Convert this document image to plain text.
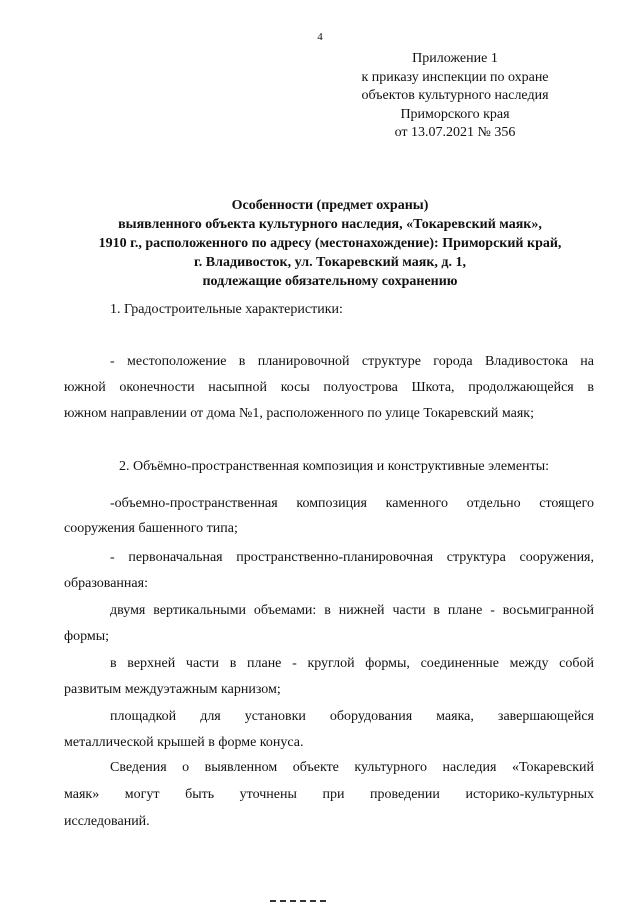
4
Приложение 1
к приказу инспекции по охране
объектов культурного наследия
Приморского края
от 13.07.2021 № 356
Особенности (предмет охраны)
выявленного объекта культурного наследия, «Токаревский маяк»,
1910 г., расположенного по адресу (местонахождение): Приморский край,
г. Владивосток, ул. Токаревский маяк, д. 1,
подлежащие обязательному сохранению
1. Градостроительные характеристики:
- местоположение в планировочной структуре города Владивостока на
южной оконечности насыпной косы полуострова Шкота, продолжающейся в
южном направлении от дома №1, расположенного по улице Токаревский маяк;
2. Объёмно-пространственная композиция и конструктивные элементы:
-объемно-пространственная композиция каменного отдельно стоящего
сооружения башенного типа;
- первоначальная пространственно-планировочная структура сооружения,
образованная:
двумя вертикальными объемами: в нижней части в плане - восьмигранной
формы;
в верхней части в плане - круглой формы, соединенные между собой
развитым междуэтажным карнизом;
площадкой для установки оборудования маяка, завершающейся
металлической крышей в форме конуса.
Сведения о выявленном объекте культурного наследия «Токаревский
маяк» могут быть уточнены при проведении историко-культурных
исследований.
